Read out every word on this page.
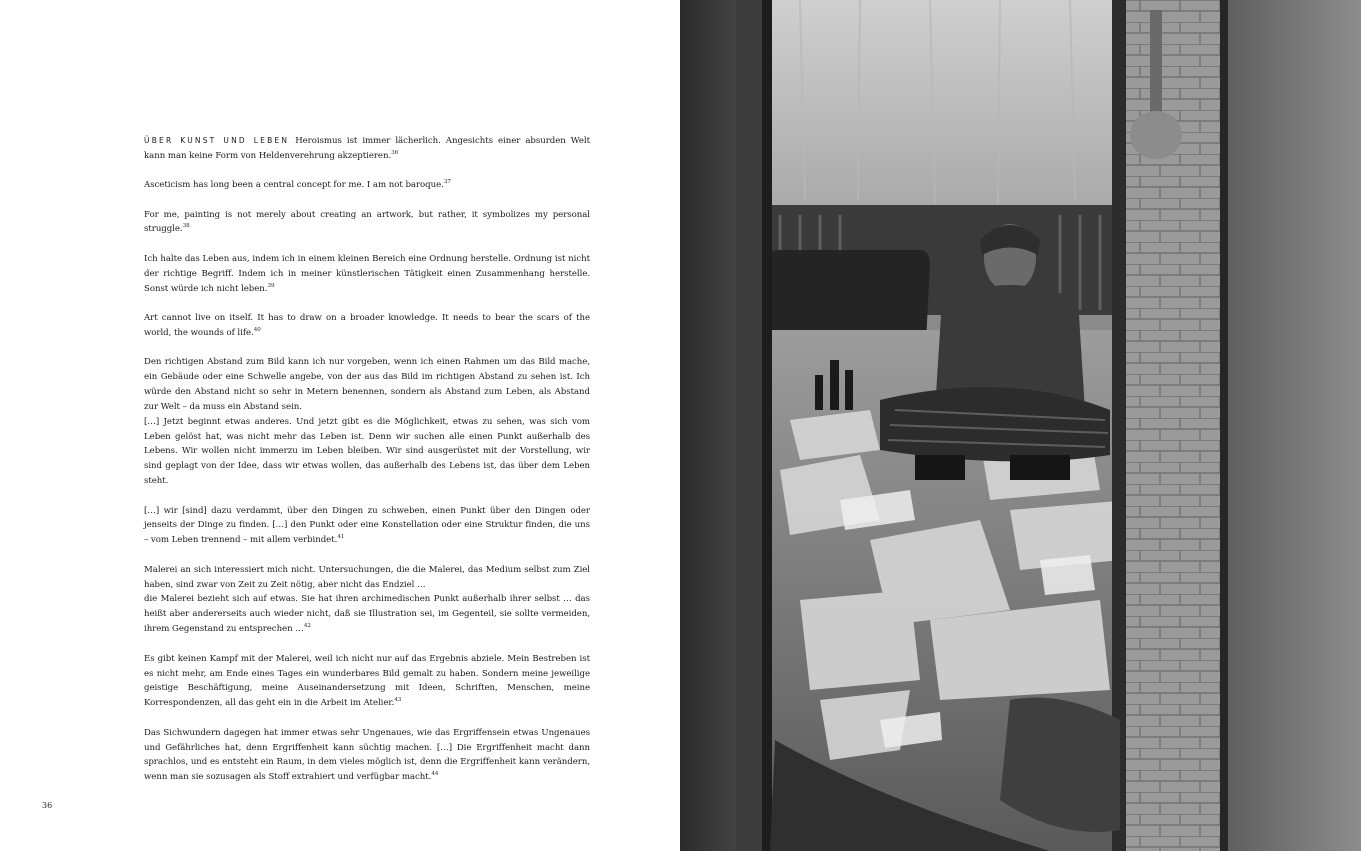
ÜBER KUNST UND LEBEN Heroismus ist immer lächerlich. Angesichts einer absurden Welt kann man keine Form von Heldenverehrung akzeptieren.$^{36}$

Asceticism has long been a central concept for me. I am not baroque.$^{37}$

For me, painting is not merely about creating an artwork, but rather, it symbolizes my personal struggle.$^{38}$

Ich halte das Leben aus, indem ich in einem kleinen Bereich eine Ordnung herstelle. Ordnung ist nicht der richtige Begriff. Indem ich in meiner künstlerischen Tätigkeit einen Zusammenhang herstelle. Sonst würde ich nicht leben.$^{39}$

Art cannot live on itself. It has to draw on a broader knowledge. It needs to bear the scars of the world, the wounds of life.$^{40}$

Den richtigen Abstand zum Bild kann ich nur vorgeben, wenn ich einen Rahmen um das Bild mache, ein Gebäude oder eine Schwelle angebe, von der aus das Bild im richtigen Abstand zu sehen ist. Ich würde den Abstand nicht so sehr in Metern benennen, sondern als Abstand zum Leben, als Abstand zur Welt – da muss ein Abstand sein.

[…] Jetzt beginnt etwas anderes. Und jetzt gibt es die Möglichkeit, etwas zu sehen, was sich vom Leben gelöst hat, was nicht mehr das Leben ist. Denn wir suchen alle einen Punkt außerhalb des Lebens. Wir wollen nicht immerzu im Leben bleiben. Wir sind ausgerüstet mit der Vorstellung, wir sind geplagt von der Idee, dass wir etwas wollen, das außerhalb des Lebens ist, das über dem Leben steht.

[…] wir [sind] dazu verdammt, über den Dingen zu schweben, einen Punkt über den Dingen oder jenseits der Dinge zu finden. […] den Punkt oder eine Konstellation oder eine Struktur finden, die uns – vom Leben trennend – mit allem verbindet.$^{41}$

Malerei an sich interessiert mich nicht. Untersuchungen, die die Malerei, das Medium selbst zum Ziel haben, sind zwar von Zeit zu Zeit nötig, aber nicht das Endziel …

die Malerei bezieht sich auf etwas. Sie hat ihren archimedischen Punkt außerhalb ihrer selbst … das heißt aber andererseits auch wieder nicht, daß sie Illustration sei, im Gegenteil, sie sollte vermeiden, ihrem Gegenstand zu entsprechen …$^{42}$

Es gibt keinen Kampf mit der Malerei, weil ich nicht nur auf das Ergebnis abziele. Mein Bestreben ist es nicht mehr, am Ende eines Tages ein wunderbares Bild gemalt zu haben. Sondern meine jeweilige geistige Beschäftigung, meine Auseinandersetzung mit Ideen, Schriften, Menschen, meine Korrespondenzen, all das geht ein in die Arbeit im Atelier.$^{43}$

Das Sichwundern dagegen hat immer etwas sehr Ungenaues, wie das Ergriffensein etwas Ungenaues und Gefährliches hat, denn Ergriffenheit kann süchtig machen. […] Die Ergriffenheit macht dann sprachlos, und es entsteht ein Raum, in dem vieles möglich ist, denn die Ergriffenheit kann verändern, wenn man sie sozusagen als Stoff extrahiert und verfügbar macht.$^{44}$

36
